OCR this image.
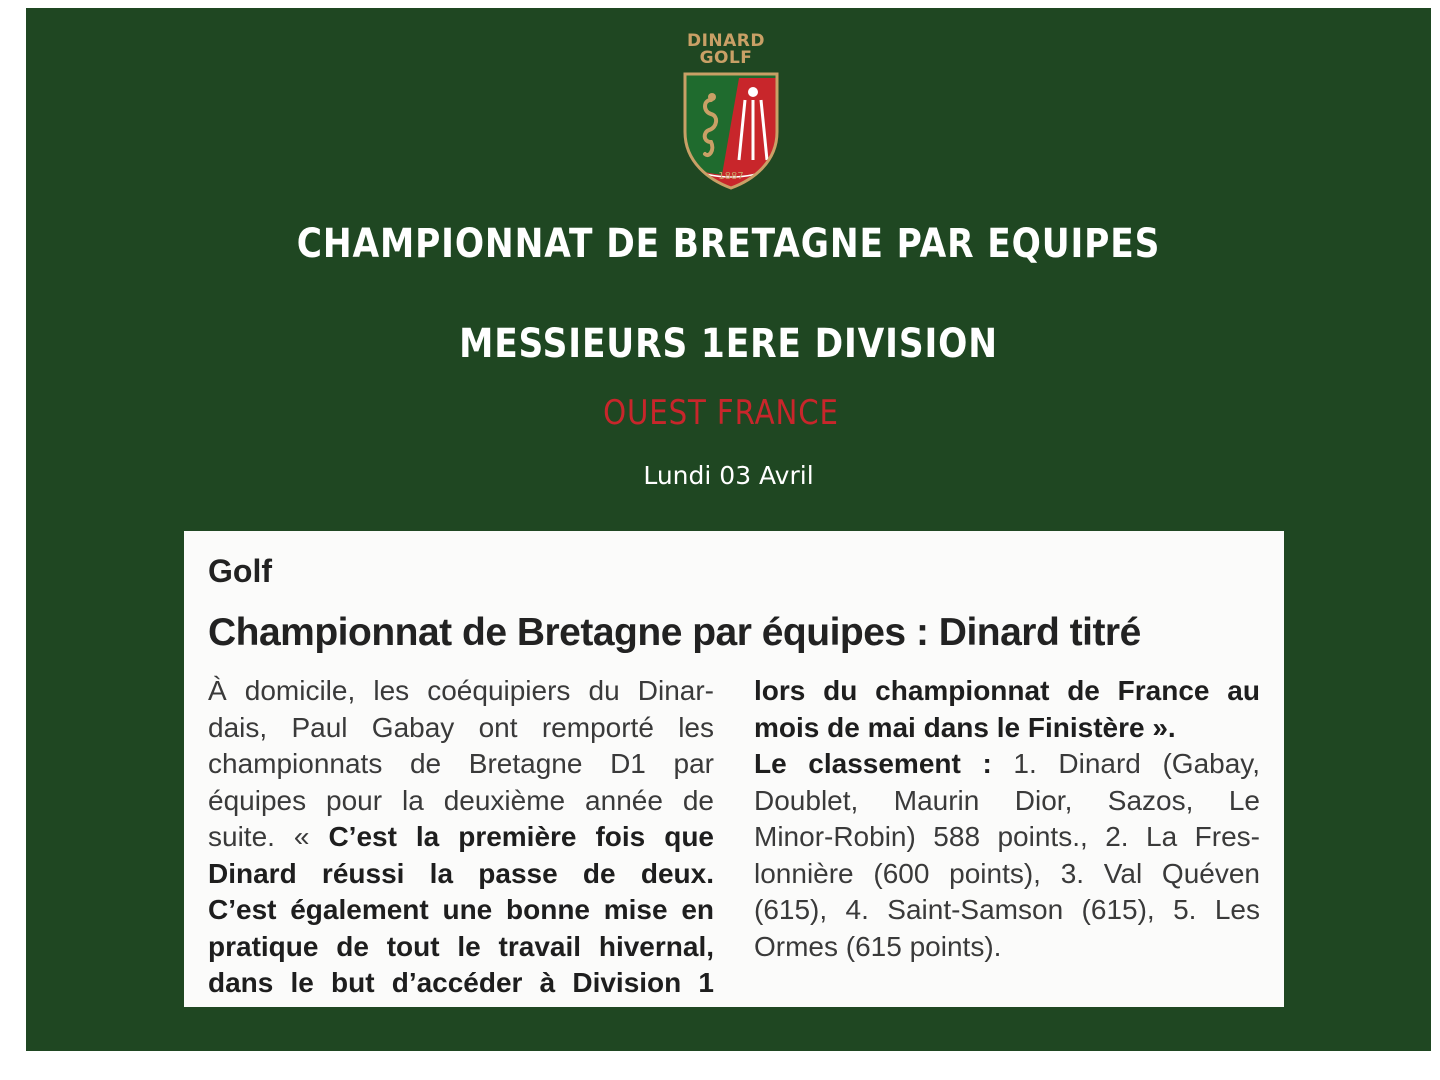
DINARD
GOLF
1887
CHAMPIONNAT DE BRETAGNE PAR EQUIPES
MESSIEURS 1ERE DIVISION
OUEST FRANCE
Lundi 03 Avril
Golf
Championnat de Bretagne par équipes : Dinard titré
À domicile, les coéquipiers du Dinar-
dais, Paul Gabay ont remporté les
championnats de Bretagne D1 par
équipes pour la deuxième année de
suite. « C’est la première fois que
Dinard réussi la passe de deux.
C’est également une bonne mise en
pratique de tout le travail hivernal,
dans le but d’accéder à Division 1
lors du championnat de France au
mois de mai dans le Finistère ».
Le classement : 1. Dinard (Gabay,
Doublet, Maurin Dior, Sazos, Le
Minor-Robin) 588 points., 2. La Fres-
lonnière (600 points), 3. Val Quéven
(615), 4. Saint-Samson (615), 5. Les
Ormes (615 points).
